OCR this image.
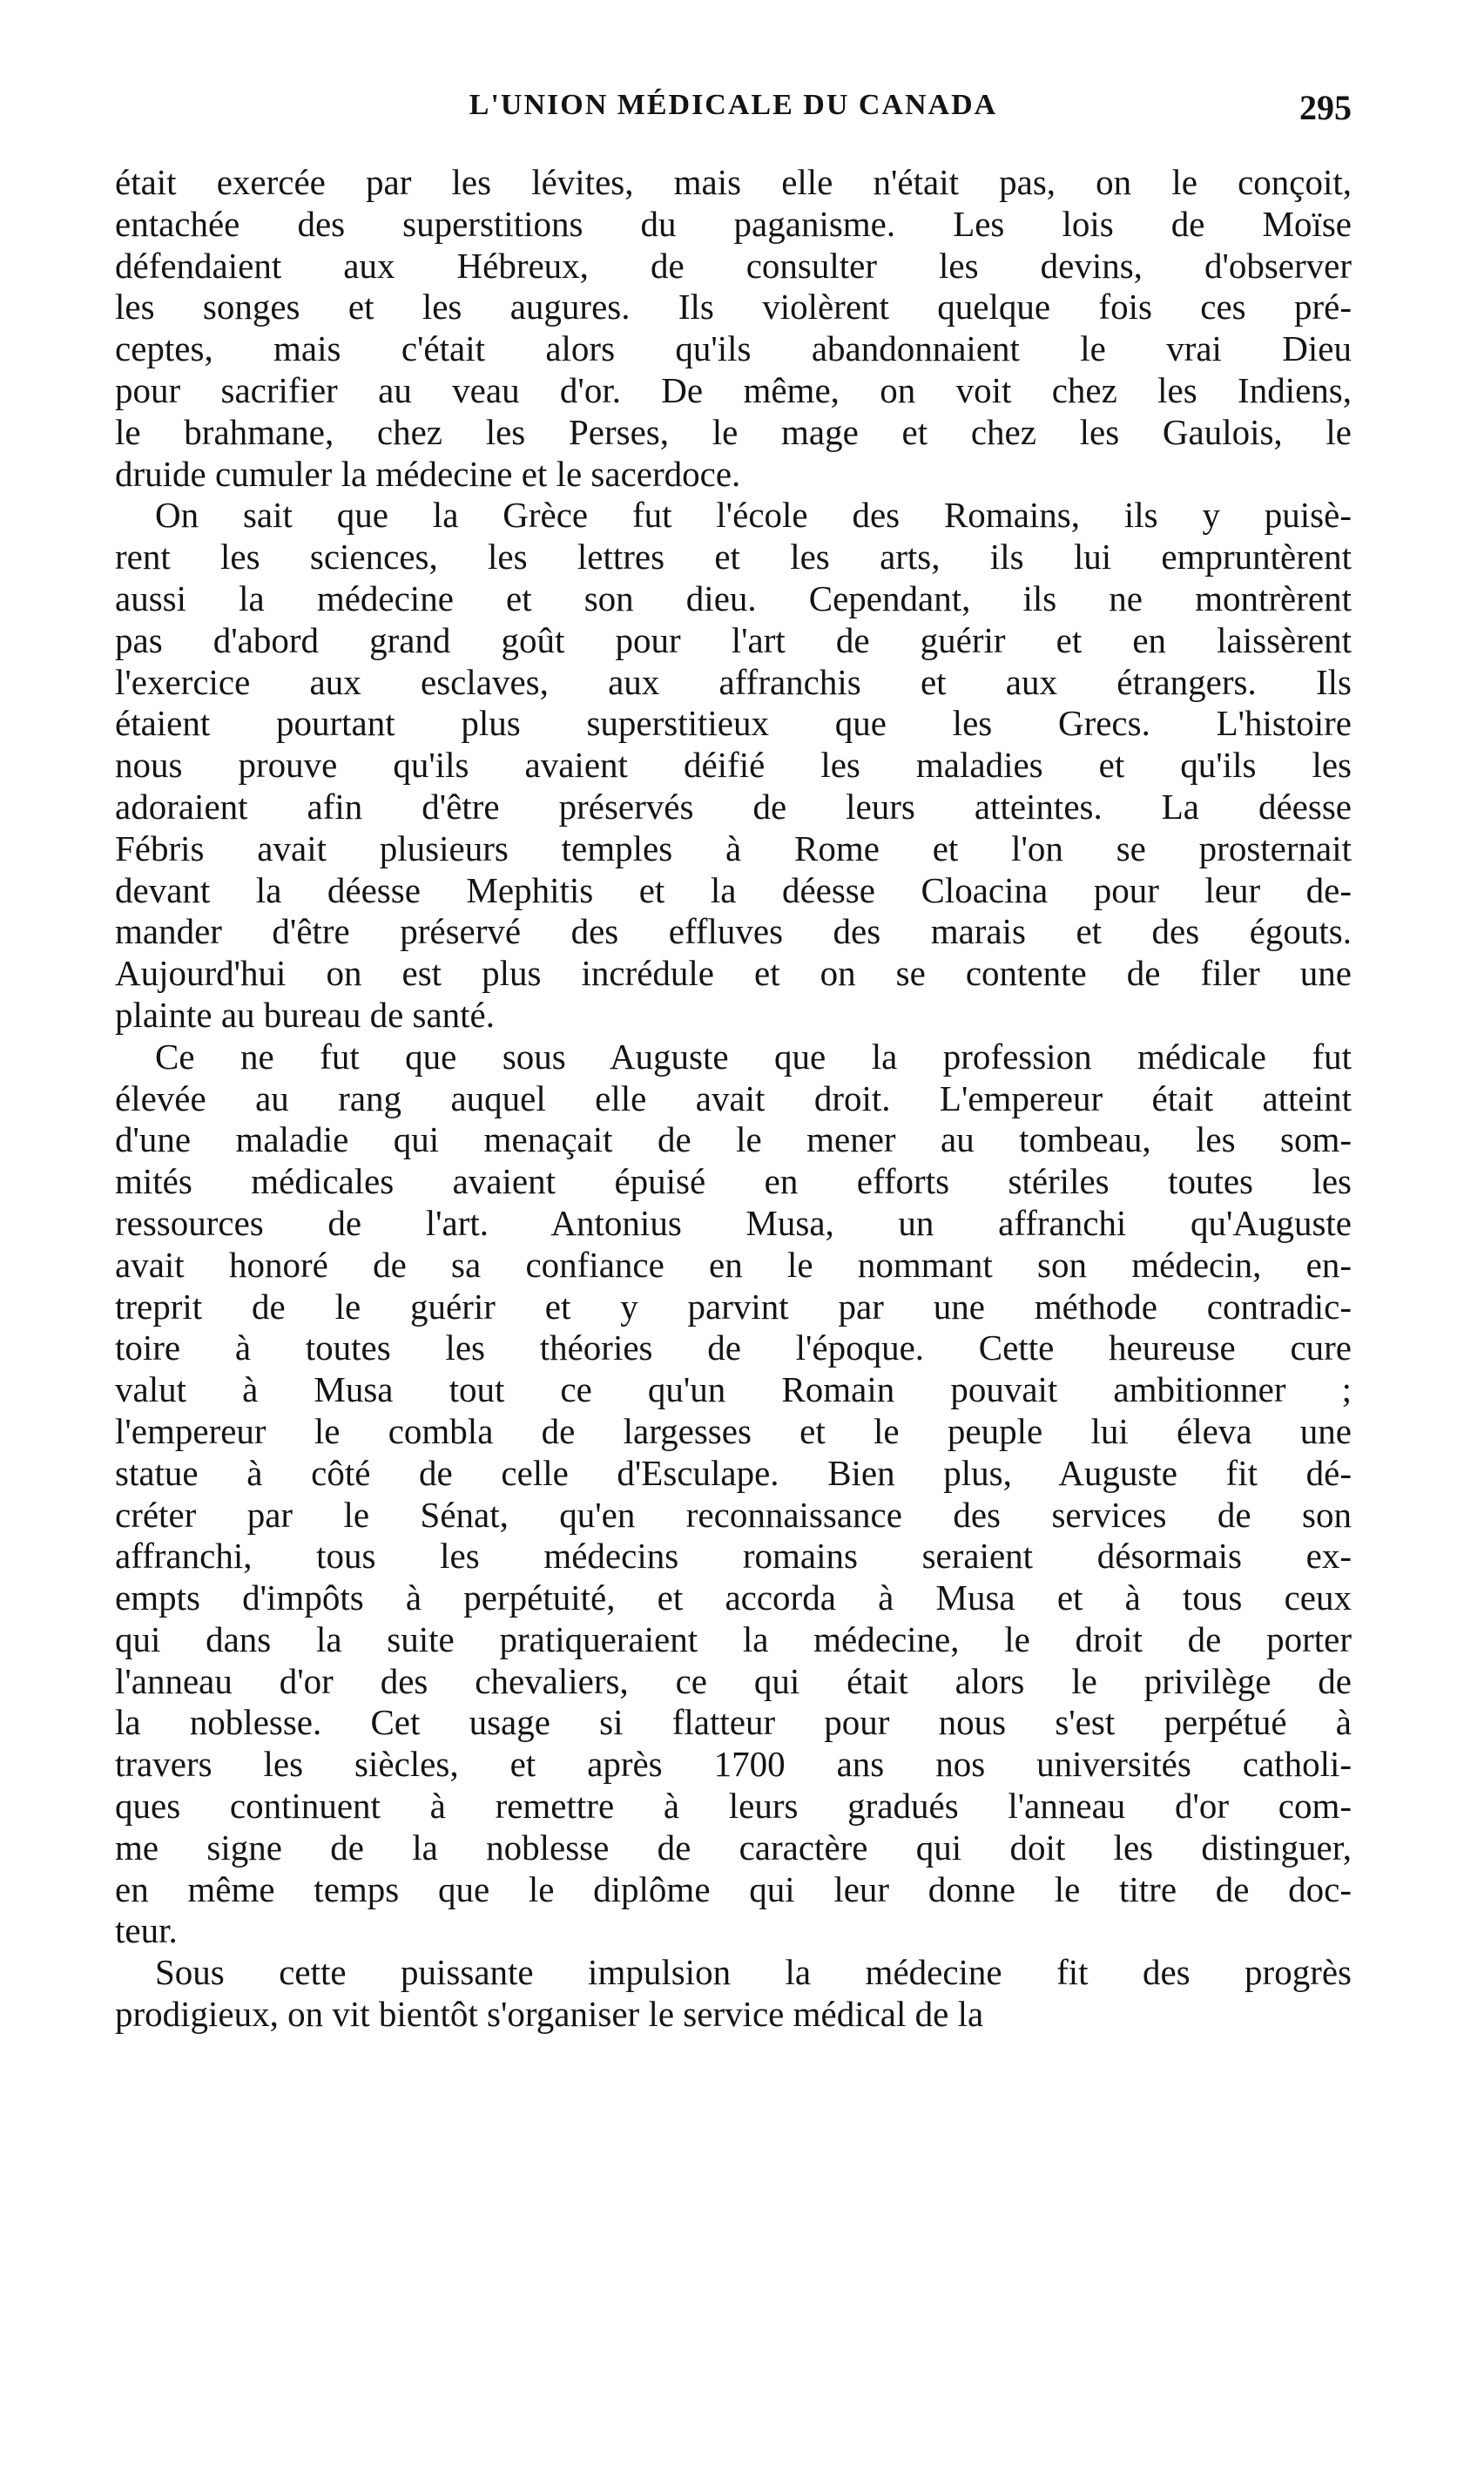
L'UNION MÉDICALE DU CANADA	295
était exercée par les lévites, mais elle n'était pas, on le conçoit,
entachée des superstitions du paganisme. Les lois de Moïse
défendaient aux Hébreux, de consulter les devins, d'observer
les songes et les augures. Ils violèrent quelque fois ces pré-
ceptes, mais c'était alors qu'ils abandonnaient le vrai Dieu
pour sacrifier au veau d'or. De même, on voit chez les Indiens,
le brahmane, chez les Perses, le mage et chez les Gaulois, le
druide cumuler la médecine et le sacerdoce.
On sait que la Grèce fut l'école des Romains, ils y puisè-
rent les sciences, les lettres et les arts, ils lui empruntèrent
aussi la médecine et son dieu. Cependant, ils ne montrèrent
pas d'abord grand goût pour l'art de guérir et en laissèrent
l'exercice aux esclaves, aux affranchis et aux étrangers. Ils
étaient pourtant plus superstitieux que les Grecs. L'histoire
nous prouve qu'ils avaient déifié les maladies et qu'ils les
adoraient afin d'être préservés de leurs atteintes. La déesse
Fébris avait plusieurs temples à Rome et l'on se prosternait
devant la déesse Mephitis et la déesse Cloacina pour leur de-
mander d'être préservé des effluves des marais et des égouts.
Aujourd'hui on est plus incrédule et on se contente de filer une
plainte au bureau de santé.
Ce ne fut que sous Auguste que la profession médicale fut
élevée au rang auquel elle avait droit. L'empereur était atteint
d'une maladie qui menaçait de le mener au tombeau, les som-
mités médicales avaient épuisé en efforts stériles toutes les
ressources de l'art. Antonius Musa, un affranchi qu'Auguste
avait honoré de sa confiance en le nommant son médecin, en-
treprit de le guérir et y parvint par une méthode contradic-
toire à toutes les théories de l'époque. Cette heureuse cure
valut à Musa tout ce qu'un Romain pouvait ambitionner ;
l'empereur le combla de largesses et le peuple lui éleva une
statue à côté de celle d'Esculape. Bien plus, Auguste fit dé-
créter par le Sénat, qu'en reconnaissance des services de son
affranchi, tous les médecins romains seraient désormais ex-
empts d'impôts à perpétuité, et accorda à Musa et à tous ceux
qui dans la suite pratiqueraient la médecine, le droit de porter
l'anneau d'or des chevaliers, ce qui était alors le privilège de
la noblesse. Cet usage si flatteur pour nous s'est perpétué à
travers les siècles, et après 1700 ans nos universités catholi-
ques continuent à remettre à leurs gradués l'anneau d'or com-
me signe de la noblesse de caractère qui doit les distinguer,
en même temps que le diplôme qui leur donne le titre de doc-
teur.
Sous cette puissante impulsion la médecine fit des progrès
prodigieux, on vit bientôt s'organiser le service médical de la
